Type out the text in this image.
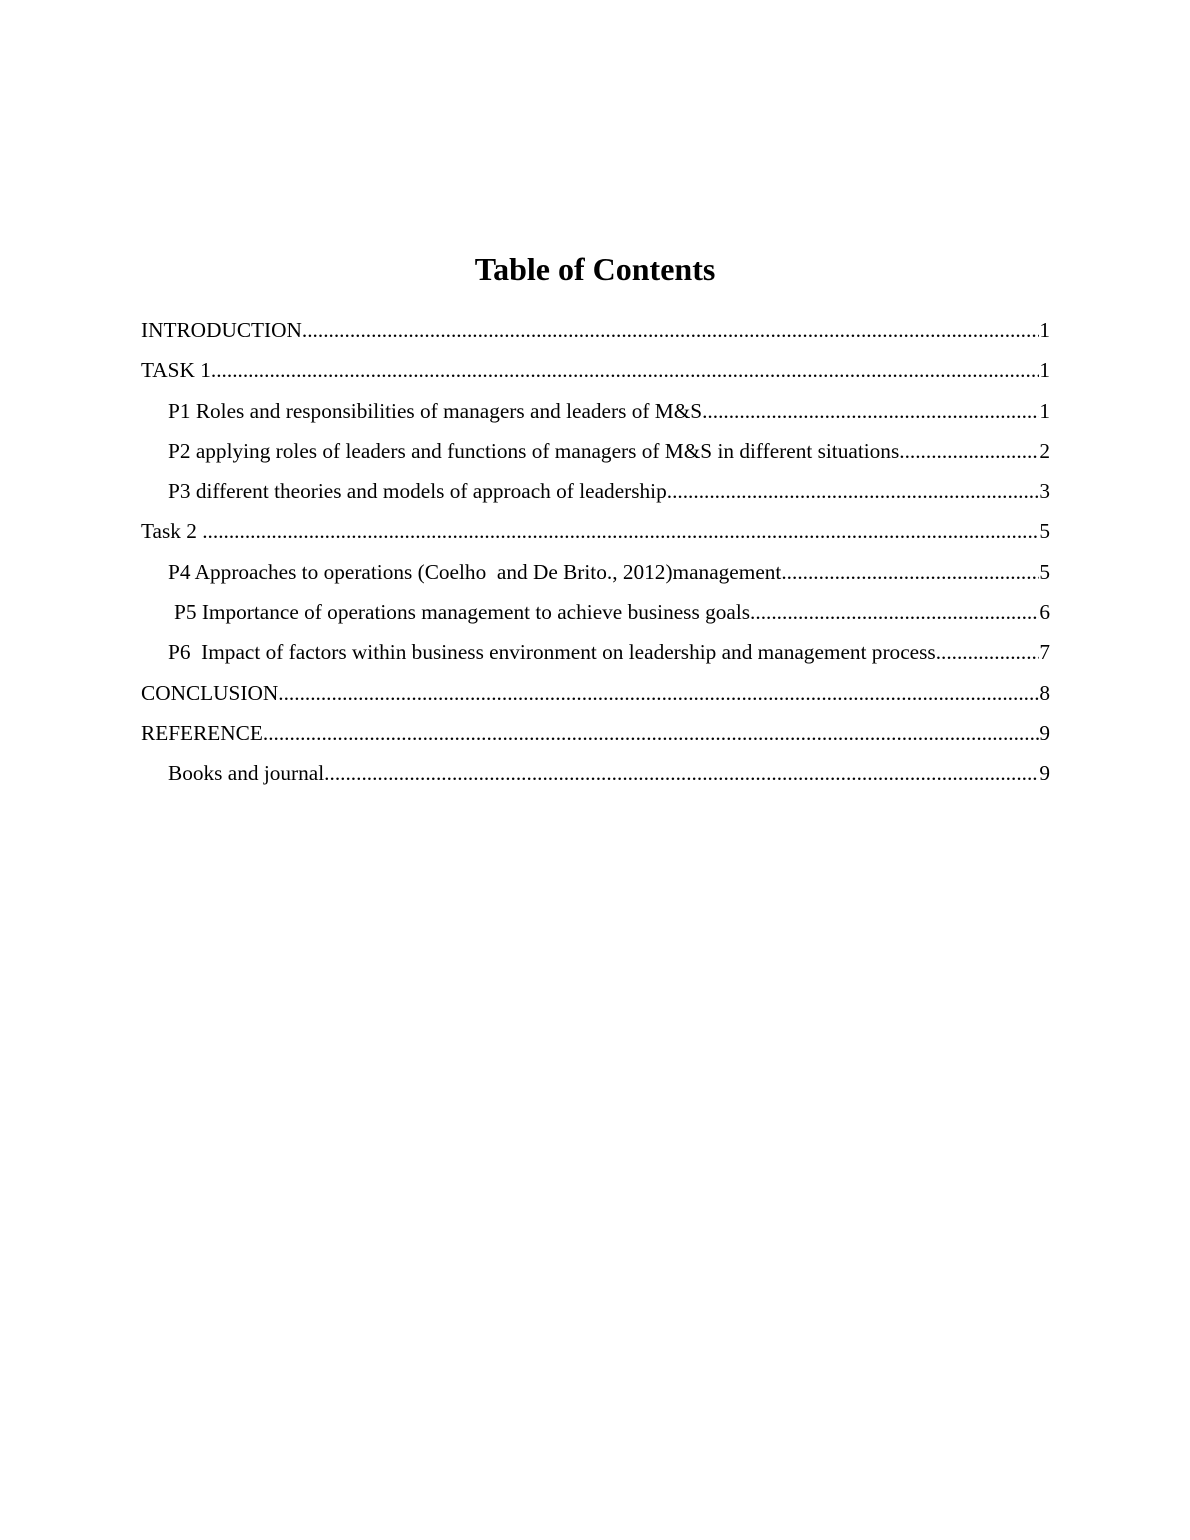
Table of Contents
INTRODUCTION .....	1
TASK 1 .....	1
P1 Roles and responsibilities of managers and leaders of M&S .....	1
P2 applying roles of leaders and functions of managers of M&S in different situations .....	2
P3 different theories and models of approach of leadership .....	3
Task 2 .....	5
P4 Approaches to operations (Coelho  and De Brito., 2012)management .....	5
P5 Importance of operations management to achieve business goals .....	6
P6  Impact of factors within business environment on leadership and management process .....	7
CONCLUSION .....	8
REFERENCE .....	9
Books and journal .....	9
